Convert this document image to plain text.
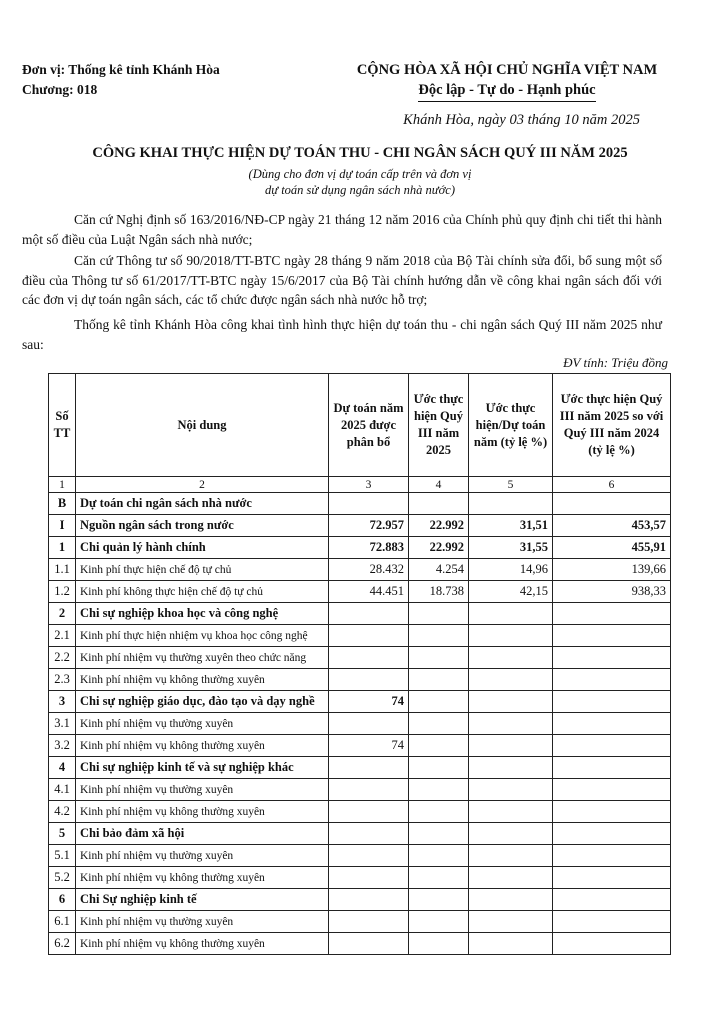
Đơn vị: Thống kê tỉnh Khánh Hòa
Chương: 018
CỘNG HÒA XÃ HỘI CHỦ NGHĨA VIỆT NAM
Độc lập - Tự do - Hạnh phúc
Khánh Hòa, ngày 03 tháng 10 năm 2025
CÔNG KHAI THỰC HIỆN DỰ TOÁN THU - CHI NGÂN SÁCH QUÝ III NĂM 2025
(Dùng cho đơn vị dự toán cấp trên và đơn vị
dự toán sử dụng ngân sách nhà nước)
Căn cứ Nghị định số 163/2016/NĐ-CP ngày 21 tháng 12 năm 2016 của Chính phủ quy định chi tiết thi hành một số điều của Luật Ngân sách nhà nước;
Căn cứ Thông tư số 90/2018/TT-BTC ngày 28 tháng 9 năm 2018 của Bộ Tài chính sửa đổi, bổ sung một số điều của Thông tư số 61/2017/TT-BTC ngày 15/6/2017 của Bộ Tài chính hướng dẫn về công khai ngân sách đối với các đơn vị dự toán ngân sách, các tổ chức được ngân sách nhà nước hỗ trợ;
Thống kê tỉnh Khánh Hòa công khai tình hình thực hiện dự toán thu - chi ngân sách Quý III năm 2025 như sau:
ĐV tính: Triệu đồng
Số TT	Nội dung	Dự toán năm 2025 được phân bổ	Ước thực hiện Quý III năm 2025	Ước thực hiện/Dự toán năm (tỷ lệ %)	Ước thực hiện Quý III năm 2025 so với Quý III năm 2024 (tỷ lệ %)
1	2	3	4	5	6
B	Dự toán chi ngân sách nhà nước				
I	Nguồn ngân sách trong nước	72.957	22.992	31,51	453,57
1	Chi quản lý hành chính	72.883	22.992	31,55	455,91
1.1	Kinh phí thực hiện chế độ tự chủ	28.432	4.254	14,96	139,66
1.2	Kinh phí không thực hiện chế độ tự chủ	44.451	18.738	42,15	938,33
2	Chi sự nghiệp khoa học và công nghệ				
2.1	Kinh phí thực hiện nhiệm vụ khoa học công nghệ				
2.2	Kinh phí nhiệm vụ thường xuyên theo chức năng				
2.3	Kinh phí nhiệm vụ không thường xuyên				
3	Chi sự nghiệp giáo dục, đào tạo và dạy nghề	74			
3.1	Kinh phí nhiệm vụ thường xuyên				
3.2	Kinh phí nhiệm vụ không thường xuyên	74			
4	Chi sự nghiệp kinh tế và sự nghiệp khác				
4.1	Kinh phí nhiệm vụ thường xuyên				
4.2	Kinh phí nhiệm vụ không thường xuyên				
5	Chi bảo đảm xã hội				
5.1	Kinh phí nhiệm vụ thường xuyên				
5.2	Kinh phí nhiệm vụ không thường xuyên				
6	Chi Sự nghiệp kinh tế				
6.1	Kinh phí nhiệm vụ thường xuyên				
6.2	Kinh phí nhiệm vụ không thường xuyên				
